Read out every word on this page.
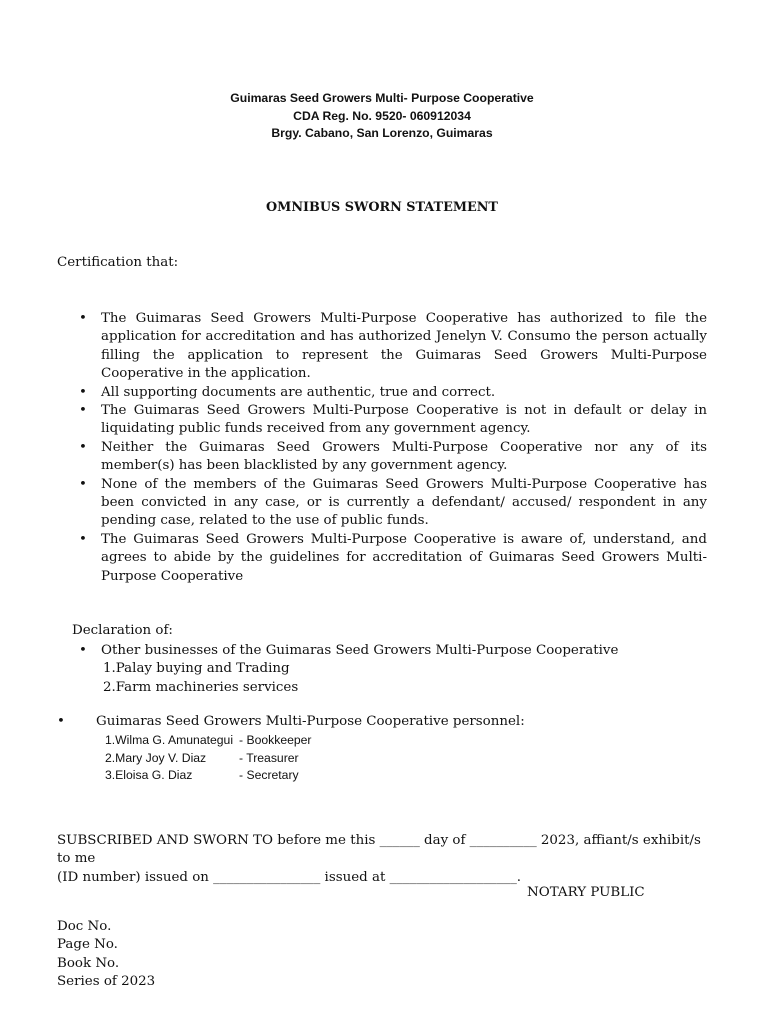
Guimaras Seed Growers Multi- Purpose Cooperative
CDA Reg. No. 9520- 060912034
Brgy. Cabano, San Lorenzo, Guimaras
OMNIBUS SWORN STATEMENT
Certification that:
• The Guimaras Seed Growers Multi-Purpose Cooperative has authorized to file the application for accreditation and has authorized Jenelyn V. Consumo the person actually filling the application to represent the Guimaras Seed Growers Multi-Purpose Cooperative in the application.
• All supporting documents are authentic, true and correct.
• The Guimaras Seed Growers Multi-Purpose Cooperative is not in default or delay in liquidating public funds received from any government agency.
• Neither the Guimaras Seed Growers Multi-Purpose Cooperative nor any of its member(s) has been blacklisted by any government agency.
• None of the members of the Guimaras Seed Growers Multi-Purpose Cooperative has been convicted in any case, or is currently a defendant/ accused/ respondent in any pending case, related to the use of public funds.
• The Guimaras Seed Growers Multi-Purpose Cooperative is aware of, understand, and agrees to abide by the guidelines for accreditation of Guimaras Seed Growers Multi-Purpose Cooperative
Declaration of:
• Other businesses of the Guimaras Seed Growers Multi-Purpose Cooperative
1.Palay buying and Trading
2.Farm machineries services
• Guimaras Seed Growers Multi-Purpose Cooperative personnel:
1.Wilma G. Amunategui - Bookkeeper
2.Mary Joy V. Diaz	- Treasurer
3.Eloisa G. Diaz	- Secretary
SUBSCRIBED AND SWORN TO before me this ______ day of __________ 2023, affiant/s exhibit/s to me
(ID number) issued on ________________ issued at ___________________.
NOTARY PUBLIC
Doc No.
Page No.
Book No.
Series of 2023
